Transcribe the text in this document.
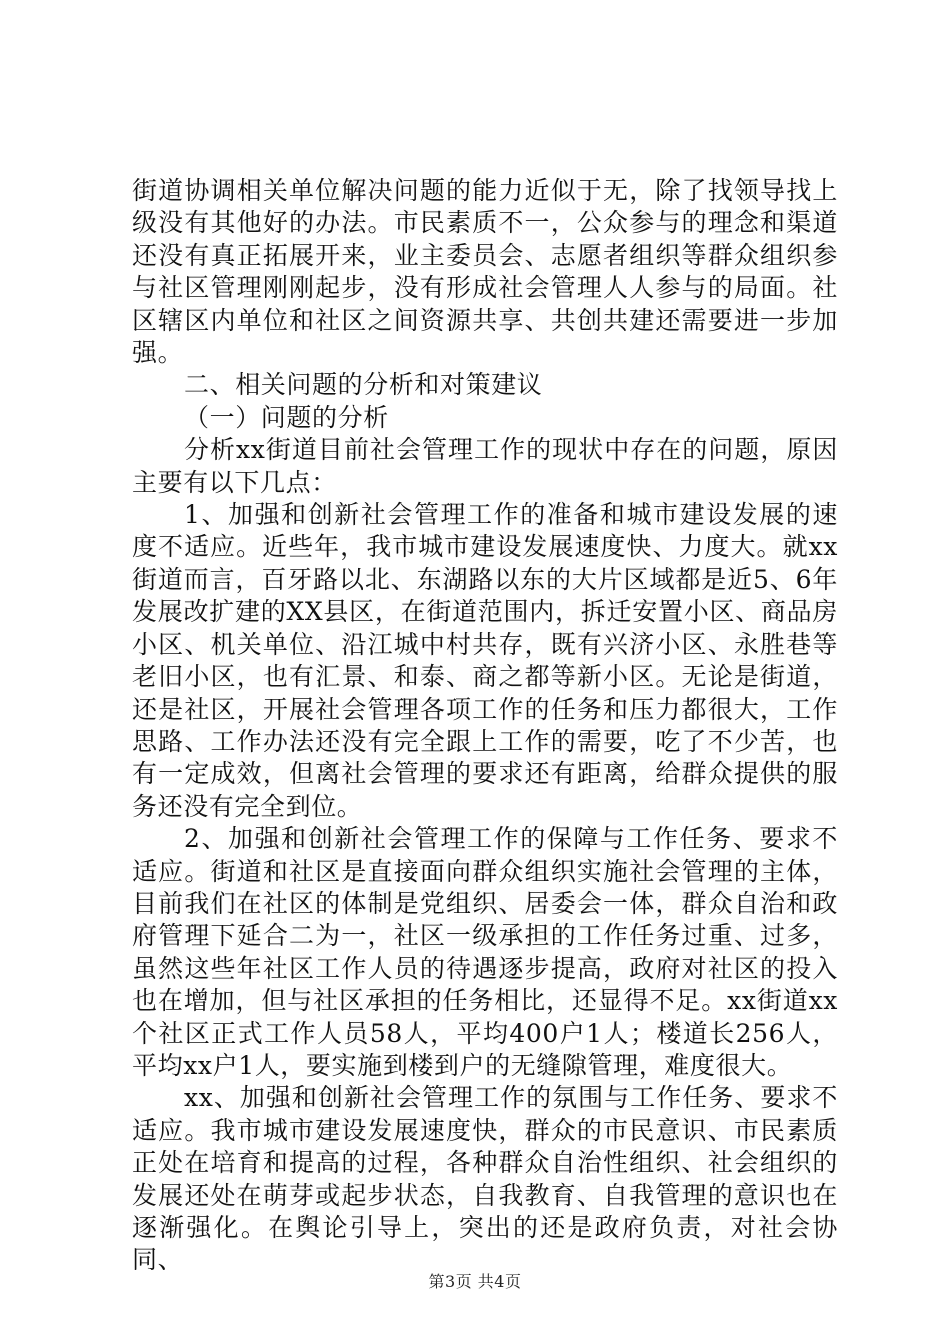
街道协调相关单位解决问题的能力近似于无，除了找领导找上级没有其他好的办法。市民素质不一，公众参与的理念和渠道还没有真正拓展开来，业主委员会、志愿者组织等群众组织参与社区管理刚刚起步，没有形成社会管理人人参与的局面。社区辖区内单位和社区之间资源共享、共创共建还需要进一步加强。

二、相关问题的分析和对策建议

（一）问题的分析

分析xx街道目前社会管理工作的现状中存在的问题，原因主要有以下几点：

1、加强和创新社会管理工作的准备和城市建设发展的速度不适应。近些年，我市城市建设发展速度快、力度大。就xx街道而言，百牙路以北、东湖路以东的大片区域都是近5、6年发展改扩建的XX县区，在街道范围内，拆迁安置小区、商品房小区、机关单位、沿江城中村共存，既有兴济小区、永胜巷等老旧小区，也有汇景、和泰、商之都等新小区。无论是街道，还是社区，开展社会管理各项工作的任务和压力都很大，工作思路、工作办法还没有完全跟上工作的需要，吃了不少苦，也有一定成效，但离社会管理的要求还有距离，给群众提供的服务还没有完全到位。

2、加强和创新社会管理工作的保障与工作任务、要求不适应。街道和社区是直接面向群众组织实施社会管理的主体，目前我们在社区的体制是党组织、居委会一体，群众自治和政府管理下延合二为一，社区一级承担的工作任务过重、过多，虽然这些年社区工作人员的待遇逐步提高，政府对社区的投入也在增加，但与社区承担的任务相比，还显得不足。xx街道xx个社区正式工作人员58人，平均400户1人；楼道长256人，平均xx户1人，要实施到楼到户的无缝隙管理，难度很大。

xx、加强和创新社会管理工作的氛围与工作任务、要求不适应。我市城市建设发展速度快，群众的市民意识、市民素质正处在培育和提高的过程，各种群众自治性组织、社会组织的发展还处在萌芽或起步状态，自我教育、自我管理的意识也在逐渐强化。在舆论引导上，突出的还是政府负责，对社会协同、

第3页 共4页
